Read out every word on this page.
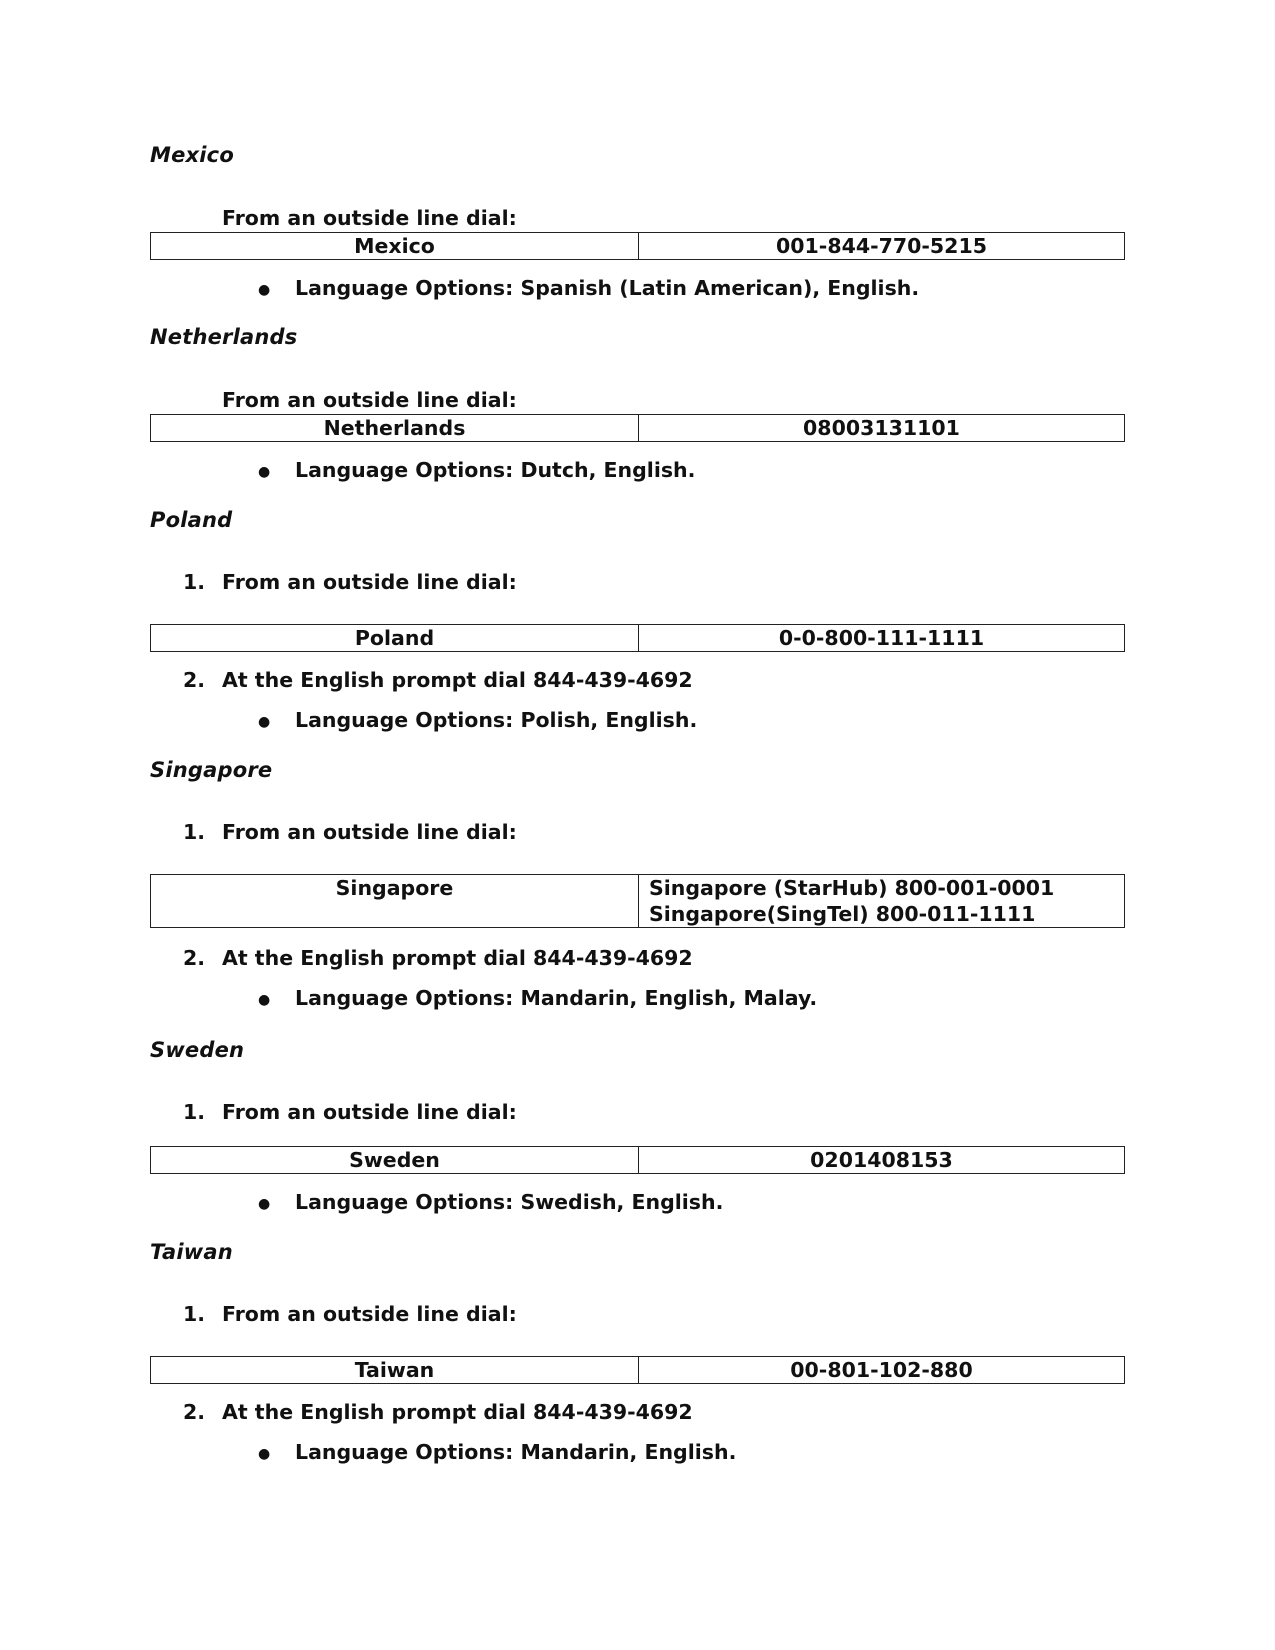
Mexico
From an outside line dial:
Mexico	001-844-770-5215
● Language Options: Spanish (Latin American), English.
Netherlands
From an outside line dial:
Netherlands	08003131101
● Language Options: Dutch, English.
Poland
1. From an outside line dial:
Poland	0-0-800-111-1111
2. At the English prompt dial 844-439-4692
● Language Options: Polish, English.
Singapore
1. From an outside line dial:
Singapore	Singapore (StarHub) 800-001-0001
Singapore(SingTel) 800-011-1111
2. At the English prompt dial 844-439-4692
● Language Options: Mandarin, English, Malay.
Sweden
1. From an outside line dial:
Sweden	0201408153
● Language Options: Swedish, English.
Taiwan
1. From an outside line dial:
Taiwan	00-801-102-880
2. At the English prompt dial 844-439-4692
● Language Options: Mandarin, English.
